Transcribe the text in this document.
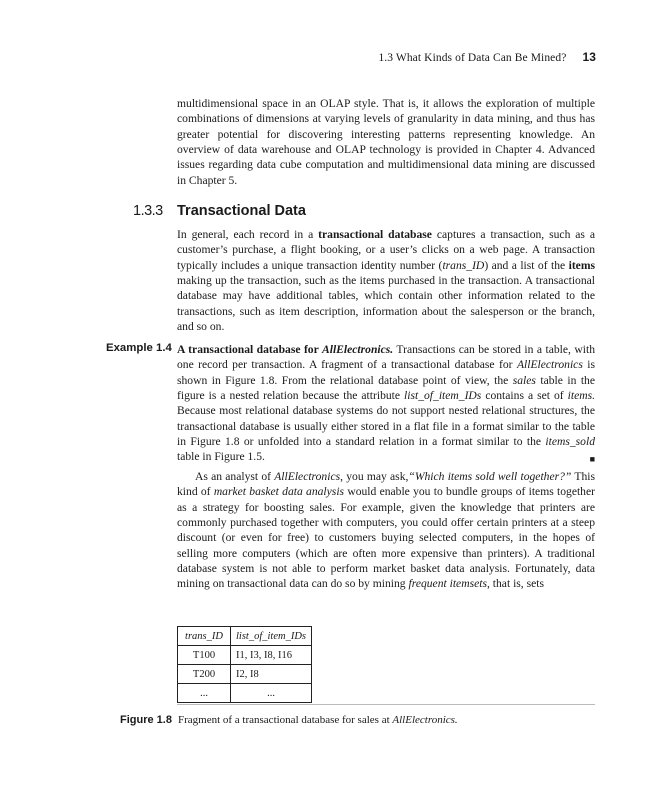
1.3 What Kinds of Data Can Be Mined? 13

multidimensional space in an OLAP style. That is, it allows the exploration of multiple combinations of dimensions at varying levels of granularity in data mining, and thus has greater potential for discovering interesting patterns representing knowledge. An overview of data warehouse and OLAP technology is provided in Chapter 4. Advanced issues regarding data cube computation and multidimensional data mining are discussed in Chapter 5.

1.3.3 Transactional Data

In general, each record in a transactional database captures a transaction, such as a customer’s purchase, a flight booking, or a user’s clicks on a web page. A transaction typically includes a unique transaction identity number (trans_ID) and a list of the items making up the transaction, such as the items purchased in the transaction. A transactional database may have additional tables, which contain other information related to the transactions, such as item description, information about the salesperson or the branch, and so on.

Example 1.4 A transactional database for AllElectronics. Transactions can be stored in a table, with one record per transaction. A fragment of a transactional database for AllElectronics is shown in Figure 1.8. From the relational database point of view, the sales table in the figure is a nested relation because the attribute list_of_item_IDs contains a set of items. Because most relational database systems do not support nested relational structures, the transactional database is usually either stored in a flat file in a format similar to the table in Figure 1.8 or unfolded into a standard relation in a format similar to the items_sold table in Figure 1.5.	■

As an analyst of AllElectronics, you may ask,“Which items sold well together?” This kind of market basket data analysis would enable you to bundle groups of items together as a strategy for boosting sales. For example, given the knowledge that printers are commonly purchased together with computers, you could offer certain printers at a steep discount (or even for free) to customers buying selected computers, in the hopes of selling more computers (which are often more expensive than printers). A traditional database system is not able to perform market basket data analysis. Fortunately, data mining on transactional data can do so by mining frequent itemsets, that is, sets

trans_ID	list_of_item_IDs
T100	I1, I3, I8, I16
T200	I2, I8
...	...
Figure 1.8 Fragment of a transactional database for sales at AllElectronics.
